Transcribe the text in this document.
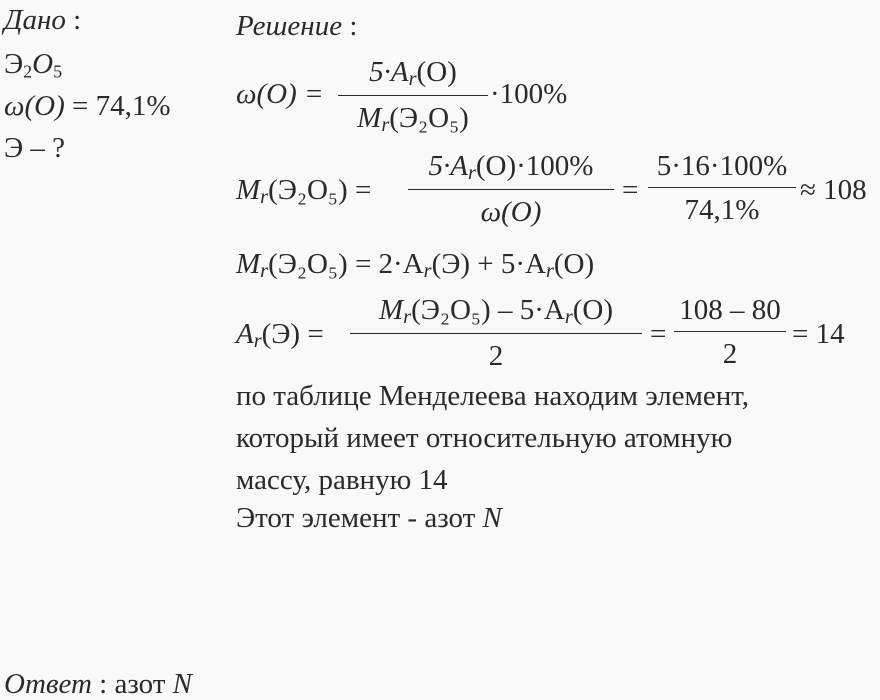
Дано :
$Э_2O_5$
ω(O) = 74,1%
Э – ?
Решение :
ω(O) =
5·Ar(O)
Mr(Э₂O₅)
·100%
Mr(Э₂O₅) =
5·Ar(O)·100%
ω(O)
=
5·16·100%
74,1%
≈ 108
Mr(Э₂O₅) = 2·Ar(Э) + 5·Ar(O)
Ar(Э) =
Mr(Э₂O₅) – 5·Ar(O)
2
=
108 – 80
2
= 14
по таблице Менделеева находим элемент,
который имеет относительную атомную
массу, равную 14
Этот элемент - азот N
Ответ : азот N
